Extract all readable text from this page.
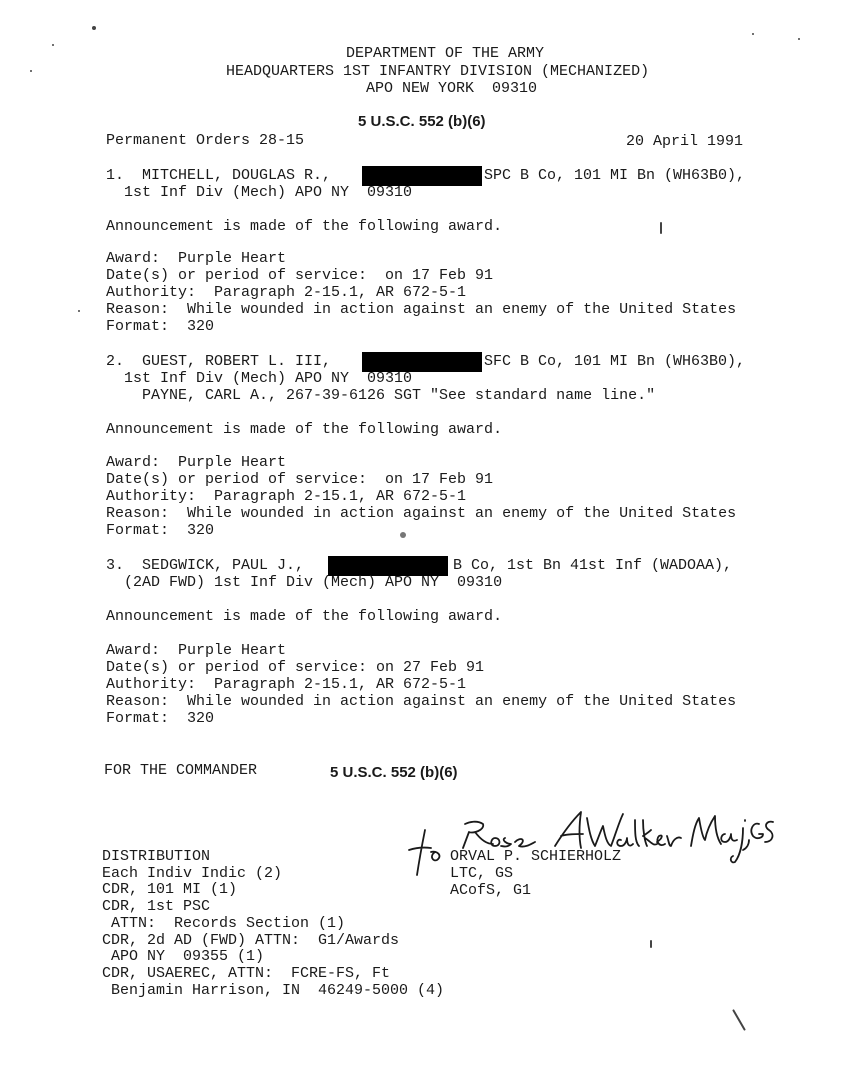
DEPARTMENT OF THE ARMY
HEADQUARTERS 1ST INFANTRY DIVISION (MECHANIZED)
APO NEW YORK  09310
5 U.S.C. 552 (b)(6)
Permanent Orders 28-15	20 April 1991
1.  MITCHELL, DOUGLAS R.,	SPC B Co, 101 MI Bn (WH63B0),
1st Inf Div (Mech) APO NY  09310
Announcement is made of the following award.
Award:  Purple Heart
Date(s) or period of service:  on 17 Feb 91
Authority:  Paragraph 2-15.1, AR 672-5-1
Reason:  While wounded in action against an enemy of the United States
Format:  320
2.  GUEST, ROBERT L. III,	SFC B Co, 101 MI Bn (WH63B0),
1st Inf Div (Mech) APO NY  09310
PAYNE, CARL A., 267-39-6126 SGT "See standard name line."
Announcement is made of the following award.
Award:  Purple Heart
Date(s) or period of service:  on 17 Feb 91
Authority:  Paragraph 2-15.1, AR 672-5-1
Reason:  While wounded in action against an enemy of the United States
Format:  320
3.  SEDGWICK, PAUL J.,	B Co, 1st Bn 41st Inf (WADOAA),
(2AD FWD) 1st Inf Div (Mech) APO NY  09310
Announcement is made of the following award.
Award:  Purple Heart
Date(s) or period of service: on 27 Feb 91
Authority:  Paragraph 2-15.1, AR 672-5-1
Reason:  While wounded in action against an enemy of the United States
Format:  320
FOR THE COMMANDER	5 U.S.C. 552 (b)(6)
ORVAL P. SCHIERHOLZ
LTC, GS
ACofS, G1
DISTRIBUTION
Each Indiv Indic (2)
CDR, 101 MI (1)
CDR, 1st PSC
ATTN:  Records Section (1)
CDR, 2d AD (FWD) ATTN:  G1/Awards
APO NY  09355 (1)
CDR, USAEREC, ATTN:  FCRE-FS, Ft
Benjamin Harrison, IN  46249-5000 (4)
